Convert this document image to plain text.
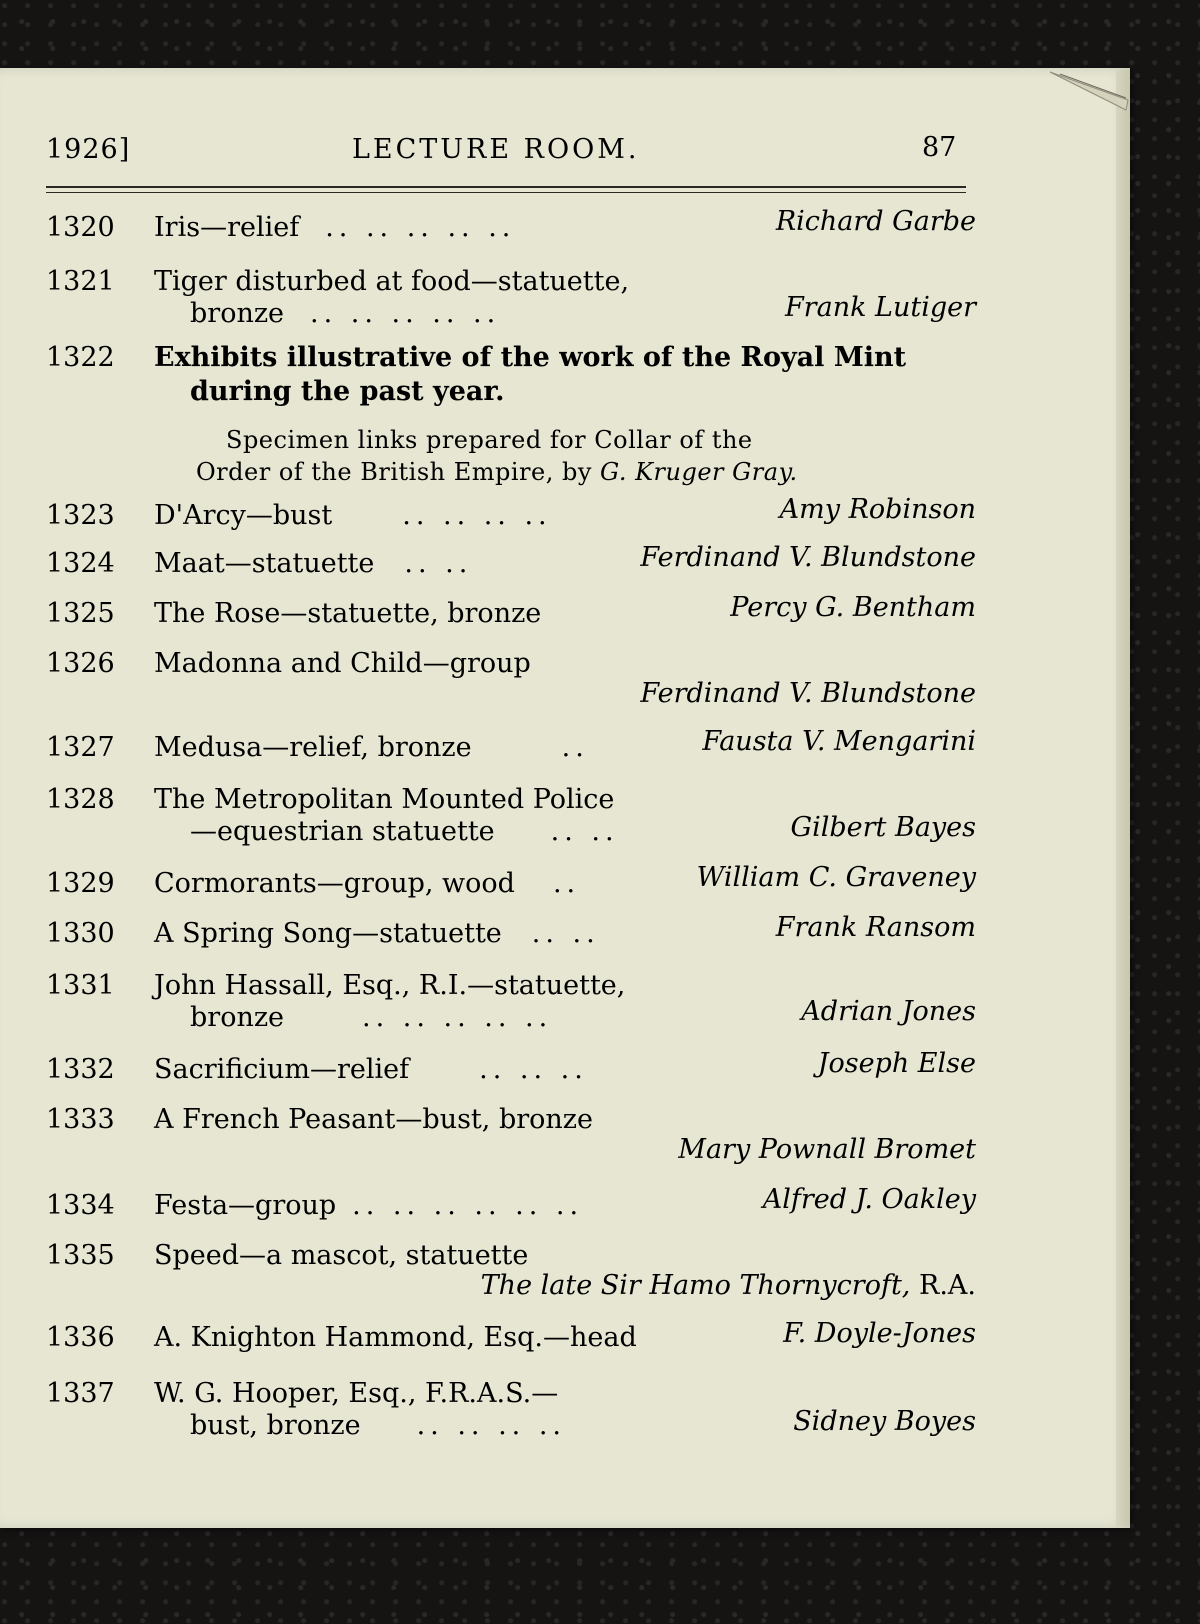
1926]	LECTURE ROOM.	87
1320	Iris—relief .. .. .. .. ..	Richard Garbe
1321	Tiger disturbed at food—statuette,
bronze .. .. .. .. ..	Frank Lutiger
1322	Exhibits illustrative of the work of the Royal Mint
during the past year.
Specimen links prepared for Collar of the
Order of the British Empire, by G. Kruger Gray.
1323	D'Arcy—bust	.. .. .. ..	Amy Robinson
1324	Maat—statuette .. ..	Ferdinand V. Blundstone
1325	The Rose—statuette, bronze	Percy G. Bentham
1326	Madonna and Child—group
Ferdinand V. Blundstone
1327	Medusa—relief, bronze	..	Fausta V. Mengarini
1328	The Metropolitan Mounted Police
—equestrian statuette .. ..	Gilbert Bayes
1329	Cormorants—group, wood ..	William C. Graveney
1330	A Spring Song—statuette .. ..	Frank Ransom
1331	John Hassall, Esq., R.I.—statuette,
bronze	.. .. .. .. ..	Adrian Jones
1332	Sacrificium—relief	.. .. ..	Joseph Else
1333	A French Peasant—bust, bronze
Mary Pownall Bromet
1334	Festa—group .. .. .. .. .. ..	Alfred J. Oakley
1335	Speed—a mascot, statuette
The late Sir Hamo Thornycroft, R.A.
1336	A. Knighton Hammond, Esq.—head	F. Doyle-Jones
1337	W. G. Hooper, Esq., F.R.A.S.—
bust, bronze .. .. .. ..	Sidney Boyes
